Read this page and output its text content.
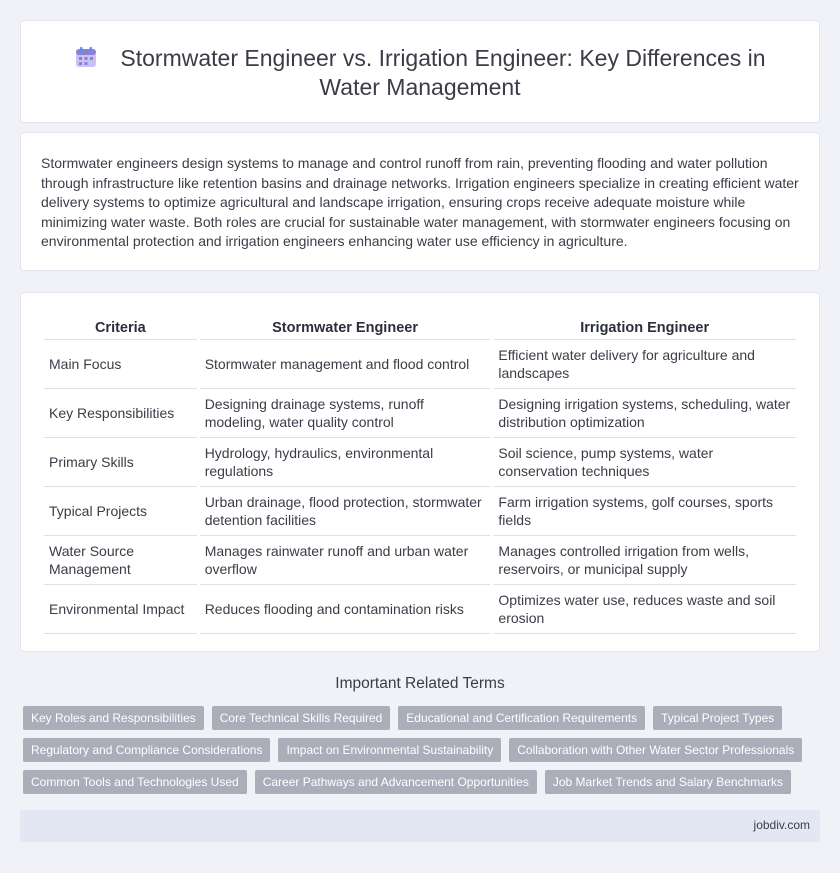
Stormwater Engineer vs. Irrigation Engineer: Key Differences in Water Management

Stormwater engineers design systems to manage and control runoff from rain, preventing flooding and water pollution through infrastructure like retention basins and drainage networks. Irrigation engineers specialize in creating efficient water delivery systems to optimize agricultural and landscape irrigation, ensuring crops receive adequate moisture while minimizing water waste. Both roles are crucial for sustainable water management, with stormwater engineers focusing on environmental protection and irrigation engineers enhancing water use efficiency in agriculture.

Criteria	Stormwater Engineer	Irrigation Engineer
Main Focus	Stormwater management and flood control	Efficient water delivery for agriculture and landscapes
Key Responsibilities	Designing drainage systems, runoff modeling, water quality control	Designing irrigation systems, scheduling, water distribution optimization
Primary Skills	Hydrology, hydraulics, environmental regulations	Soil science, pump systems, water conservation techniques
Typical Projects	Urban drainage, flood protection, stormwater detention facilities	Farm irrigation systems, golf courses, sports fields
Water Source Management	Manages rainwater runoff and urban water overflow	Manages controlled irrigation from wells, reservoirs, or municipal supply
Environmental Impact	Reduces flooding and contamination risks	Optimizes water use, reduces waste and soil erosion
Important Related Terms
Key Roles and Responsibilities	Core Technical Skills Required	Educational and Certification Requirements	Typical Project Types
Regulatory and Compliance Considerations	Impact on Environmental Sustainability	Collaboration with Other Water Sector Professionals
Common Tools and Technologies Used	Career Pathways and Advancement Opportunities	Job Market Trends and Salary Benchmarks
jobdiv.com
